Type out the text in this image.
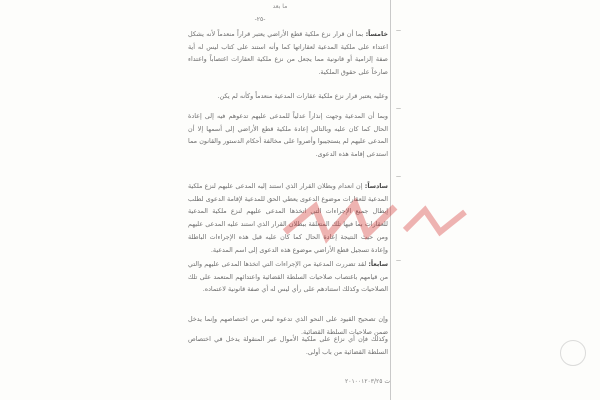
ما بعد
-٢٥-

خامساً: بما أن قرار نزع ملكية قطع الأراضي يعتبر قراراً منعدماً لأنه يشكل اعتداء على ملكية المدعية لعقاراتها كما وأنه استند على كتاب ليس له أية صفة إلزامية أو قانونية مما يجعل من نزع ملكية العقارات اغتصاباً واعتداء صارخاً على حقوق الملكية.

وعليه يعتبر قرار نزع ملكية عقارات المدعية منعدماً وكأنه لم يكن.

وبما أن المدعية وجهت إنذاراً عدلياً للمدعى عليهم تدعوهم فيه إلى إعادة الحال كما كان عليه وبالتالي إعادة ملكية قطع الأراضي إلى أسمها إلا أن المدعى عليهم لم يستجيبوا وأصروا على مخالفة أحكام الدستور والقانون مما استدعى إقامة هذه الدعوى.

سادساً: إن انعدام وبطلان القرار الذي استند إليه المدعى عليهم لنزع ملكية المدعية للعقارات موضوع الدعوى يعطي الحق للمدعية لإقامة الدعوى لطلب إبطال جميع الإجراءات التي اتخذها المدعى عليهم لنزع ملكية المدعية للعقارات بما فيها تلك المتعلقة ببطلان القرار الذي استند عليه المدعى عليهم ومن حيث النتيجة إعادة الحال كما كان عليه قبل هذه الإجراءات الباطلة وإعادة تسجيل قطع الأراضي موضوع هذه الدعوى إلى اسم المدعية.

سابعاً: لقد تضررت المدعية من الإجراءات التي اتخذها المدعى عليهم والتي من قيامهم باغتصاب صلاحيات السلطة القضائية واعتدائهم المتعمد على تلك الصلاحيات وكذلك استنادهم على رأي ليس له أي صفة قانونية لاعتماده.

وإن تصحيح القيود على النحو الذي تدعوه ليس من اختصاصهم وإنما يدخل ضمن صلاحيات السلطة القضائية.

وكذلك فإن أي نزاع على ملكية الأموال غير المنقولة يدخل في اختصاص السلطة القضائية من باب أولى.

—
—
—
—
ت ٢٠١٠٠١٢٠٣/٢٥
